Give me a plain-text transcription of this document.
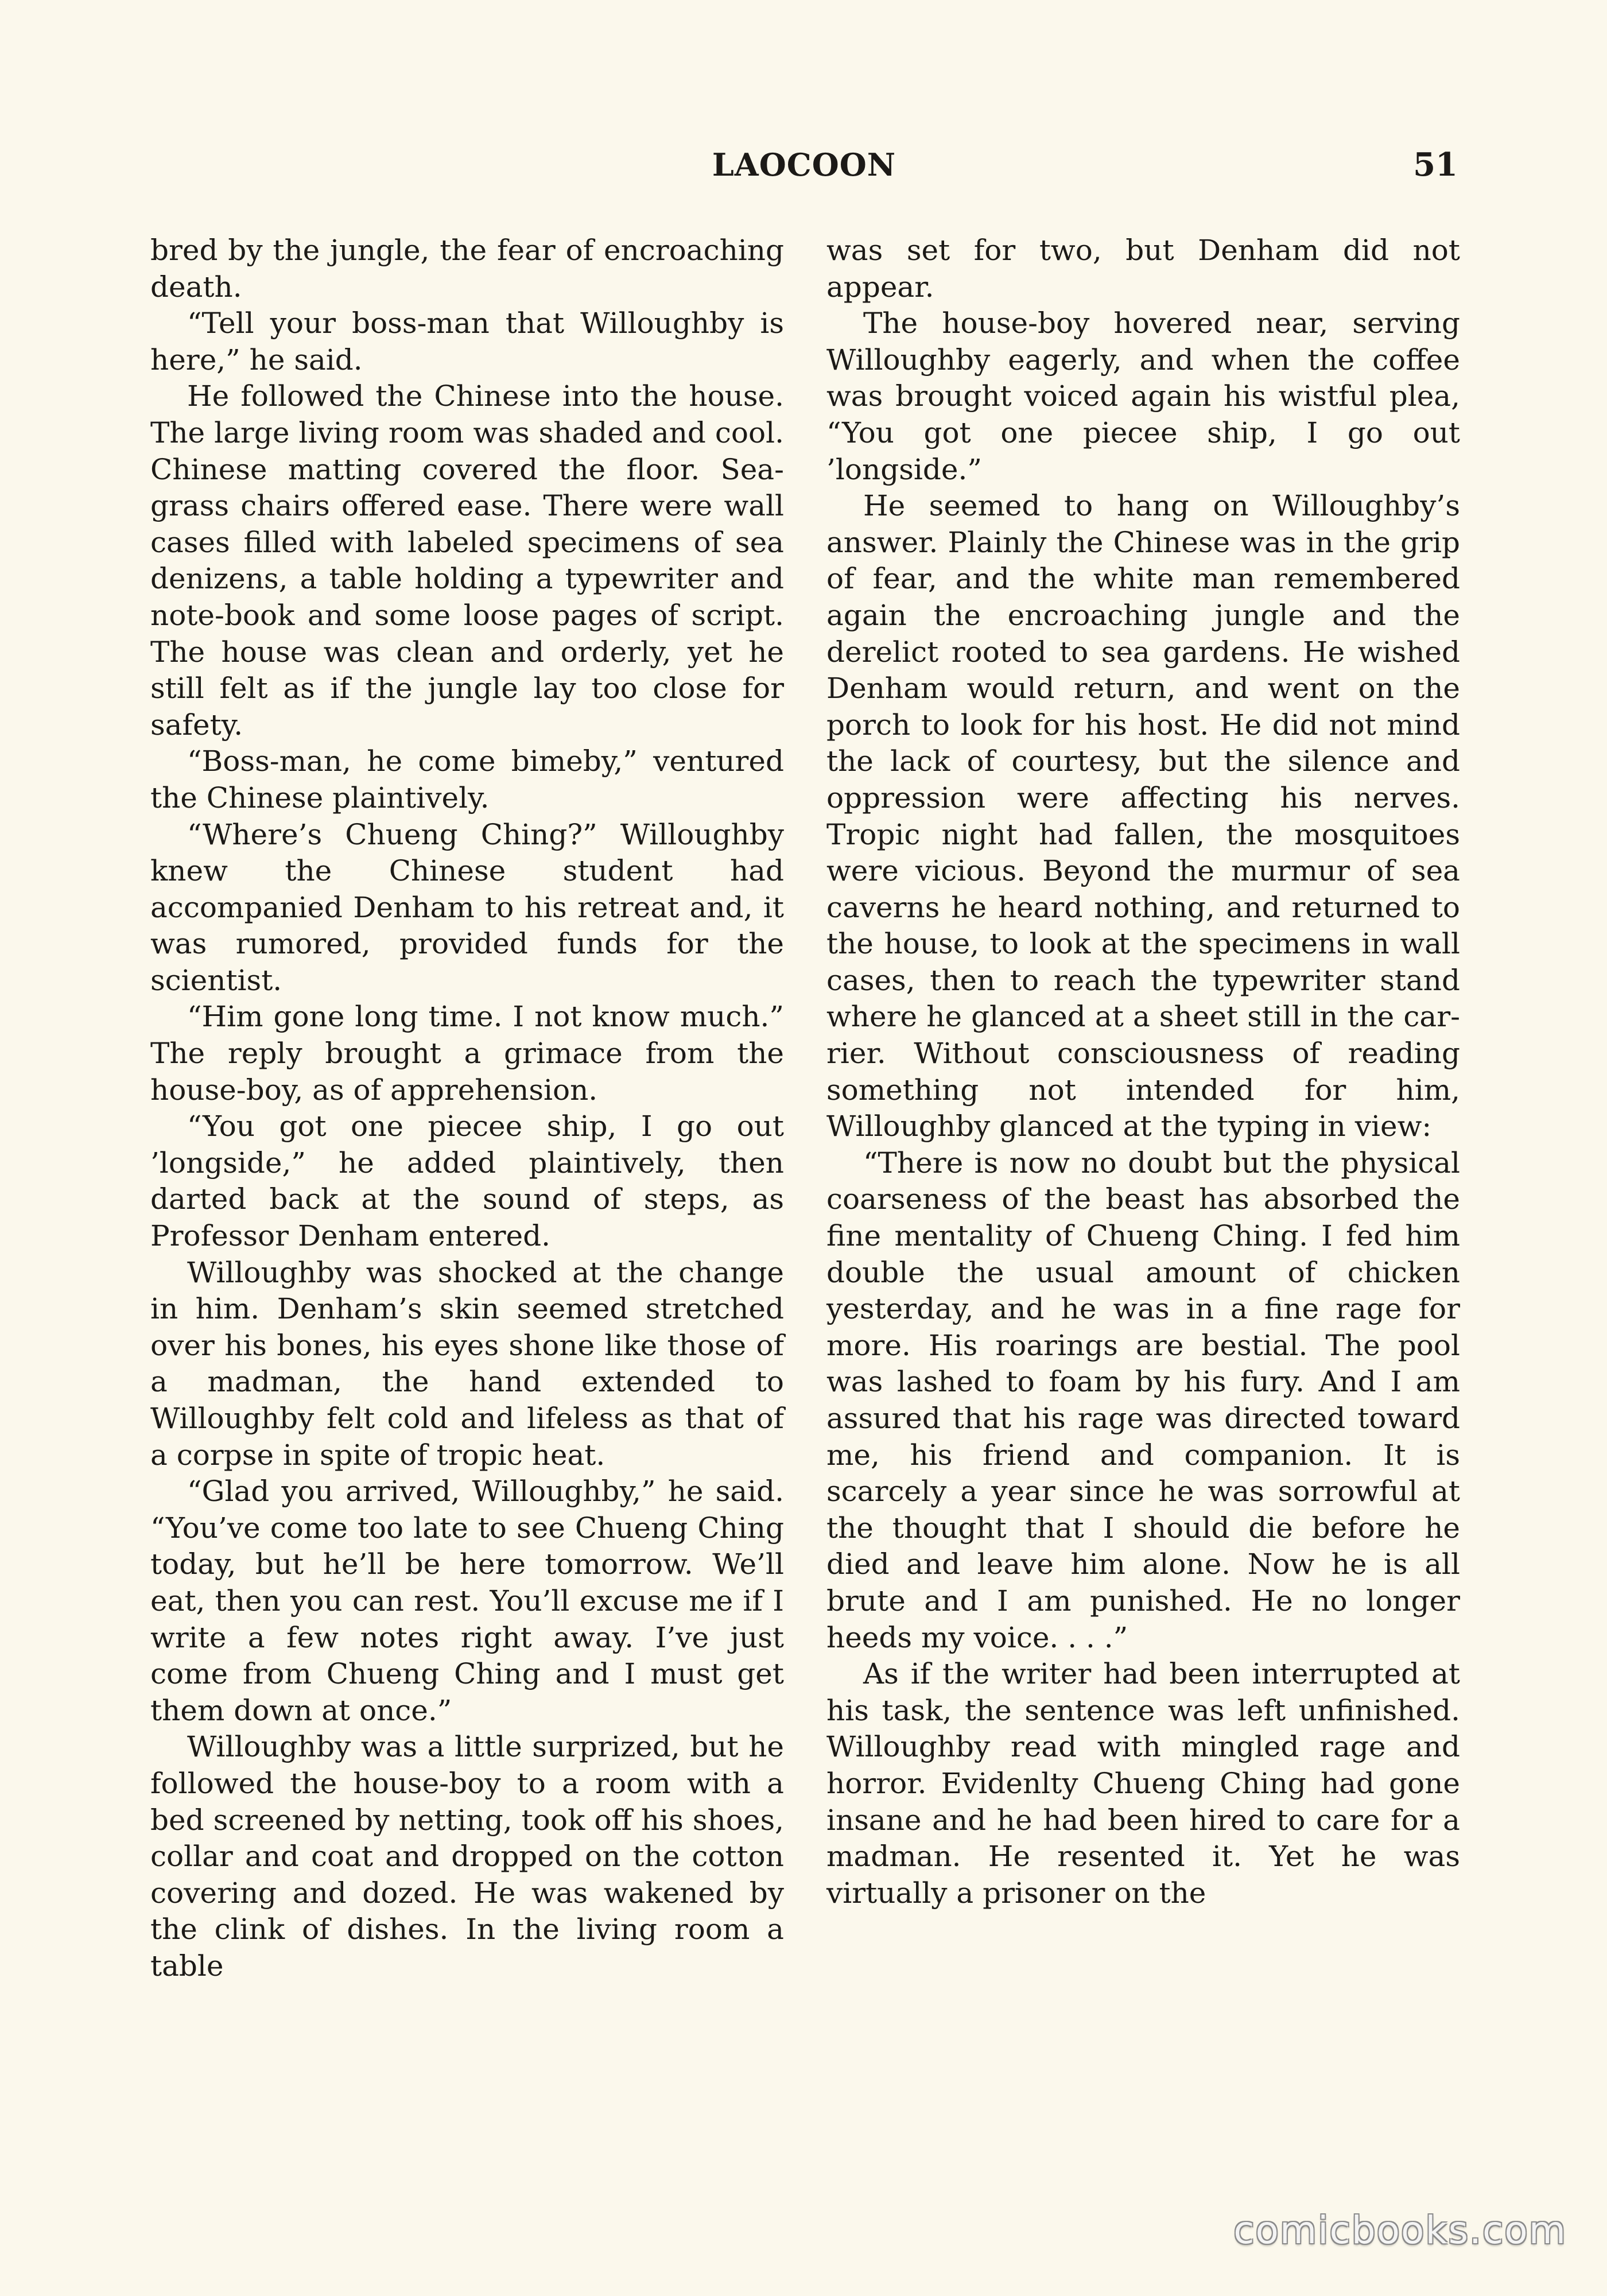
LAOCOON	51

bred by the jungle, the fear of encroaching death.

“Tell your boss-man that Willoughby is here,” he said.

He followed the Chinese into the house. The large living room was shaded and cool. Chinese matting covered the floor. Sea-grass chairs offered ease. There were wall cases filled with labeled specimens of sea denizens, a table holding a typewriter and note-book and some loose pages of script. The house was clean and orderly, yet he still felt as if the jungle lay too close for safety.

“Boss-man, he come bimeby,” ventured the Chinese plaintively.

“Where’s Chueng Ching?” Willoughby knew the Chinese student had accompanied Denham to his retreat and, it was rumored, provided funds for the scientist.

“Him gone long time. I not know much.” The reply brought a grimace from the house-boy, as of apprehension.

“You got one piecee ship, I go out ’longside,” he added plaintively, then darted back at the sound of steps, as Professor Denham entered.

Willoughby was shocked at the change in him. Denham’s skin seemed stretched over his bones, his eyes shone like those of a madman, the hand extended to Willoughby felt cold and lifeless as that of a corpse in spite of tropic heat.

“Glad you arrived, Willoughby,” he said. “You’ve come too late to see Chueng Ching today, but he’ll be here tomorrow. We’ll eat, then you can rest. You’ll excuse me if I write a few notes right away. I’ve just come from Chueng Ching and I must get them down at once.”

Willoughby was a little surprized, but he followed the house-boy to a room with a bed screened by netting, took off his shoes, collar and coat and dropped on the cotton covering and dozed. He was wakened by the clink of dishes. In the living room a table

was set for two, but Denham did not appear.

The house-boy hovered near, serving Willoughby eagerly, and when the coffee was brought voiced again his wistful plea, “You got one piecee ship, I go out ’longside.”

He seemed to hang on Willoughby’s answer. Plainly the Chinese was in the grip of fear, and the white man remembered again the encroaching jungle and the derelict rooted to sea gardens. He wished Denham would return, and went on the porch to look for his host. He did not mind the lack of courtesy, but the silence and oppression were affecting his nerves. Tropic night had fallen, the mosquitoes were vicious. Beyond the murmur of sea caverns he heard nothing, and returned to the house, to look at the specimens in wall cases, then to reach the typewriter stand where he glanced at a sheet still in the carrier. Without consciousness of reading something not intended for him, Willoughby glanced at the typing in view:

“There is now no doubt but the physical coarseness of the beast has absorbed the fine mentality of Chueng Ching. I fed him double the usual amount of chicken yesterday, and he was in a fine rage for more. His roarings are bestial. The pool was lashed to foam by his fury. And I am assured that his rage was directed toward me, his friend and companion. It is scarcely a year since he was sorrowful at the thought that I should die before he died and leave him alone. Now he is all brute and I am punished. He no longer heeds my voice. . . .”

As if the writer had been interrupted at his task, the sentence was left unfinished. Willoughby read with mingled rage and horror. Evidenlty Chueng Ching had gone insane and he had been hired to care for a madman. He resented it. Yet he was virtually a prisoner on the

comicbooks.com
